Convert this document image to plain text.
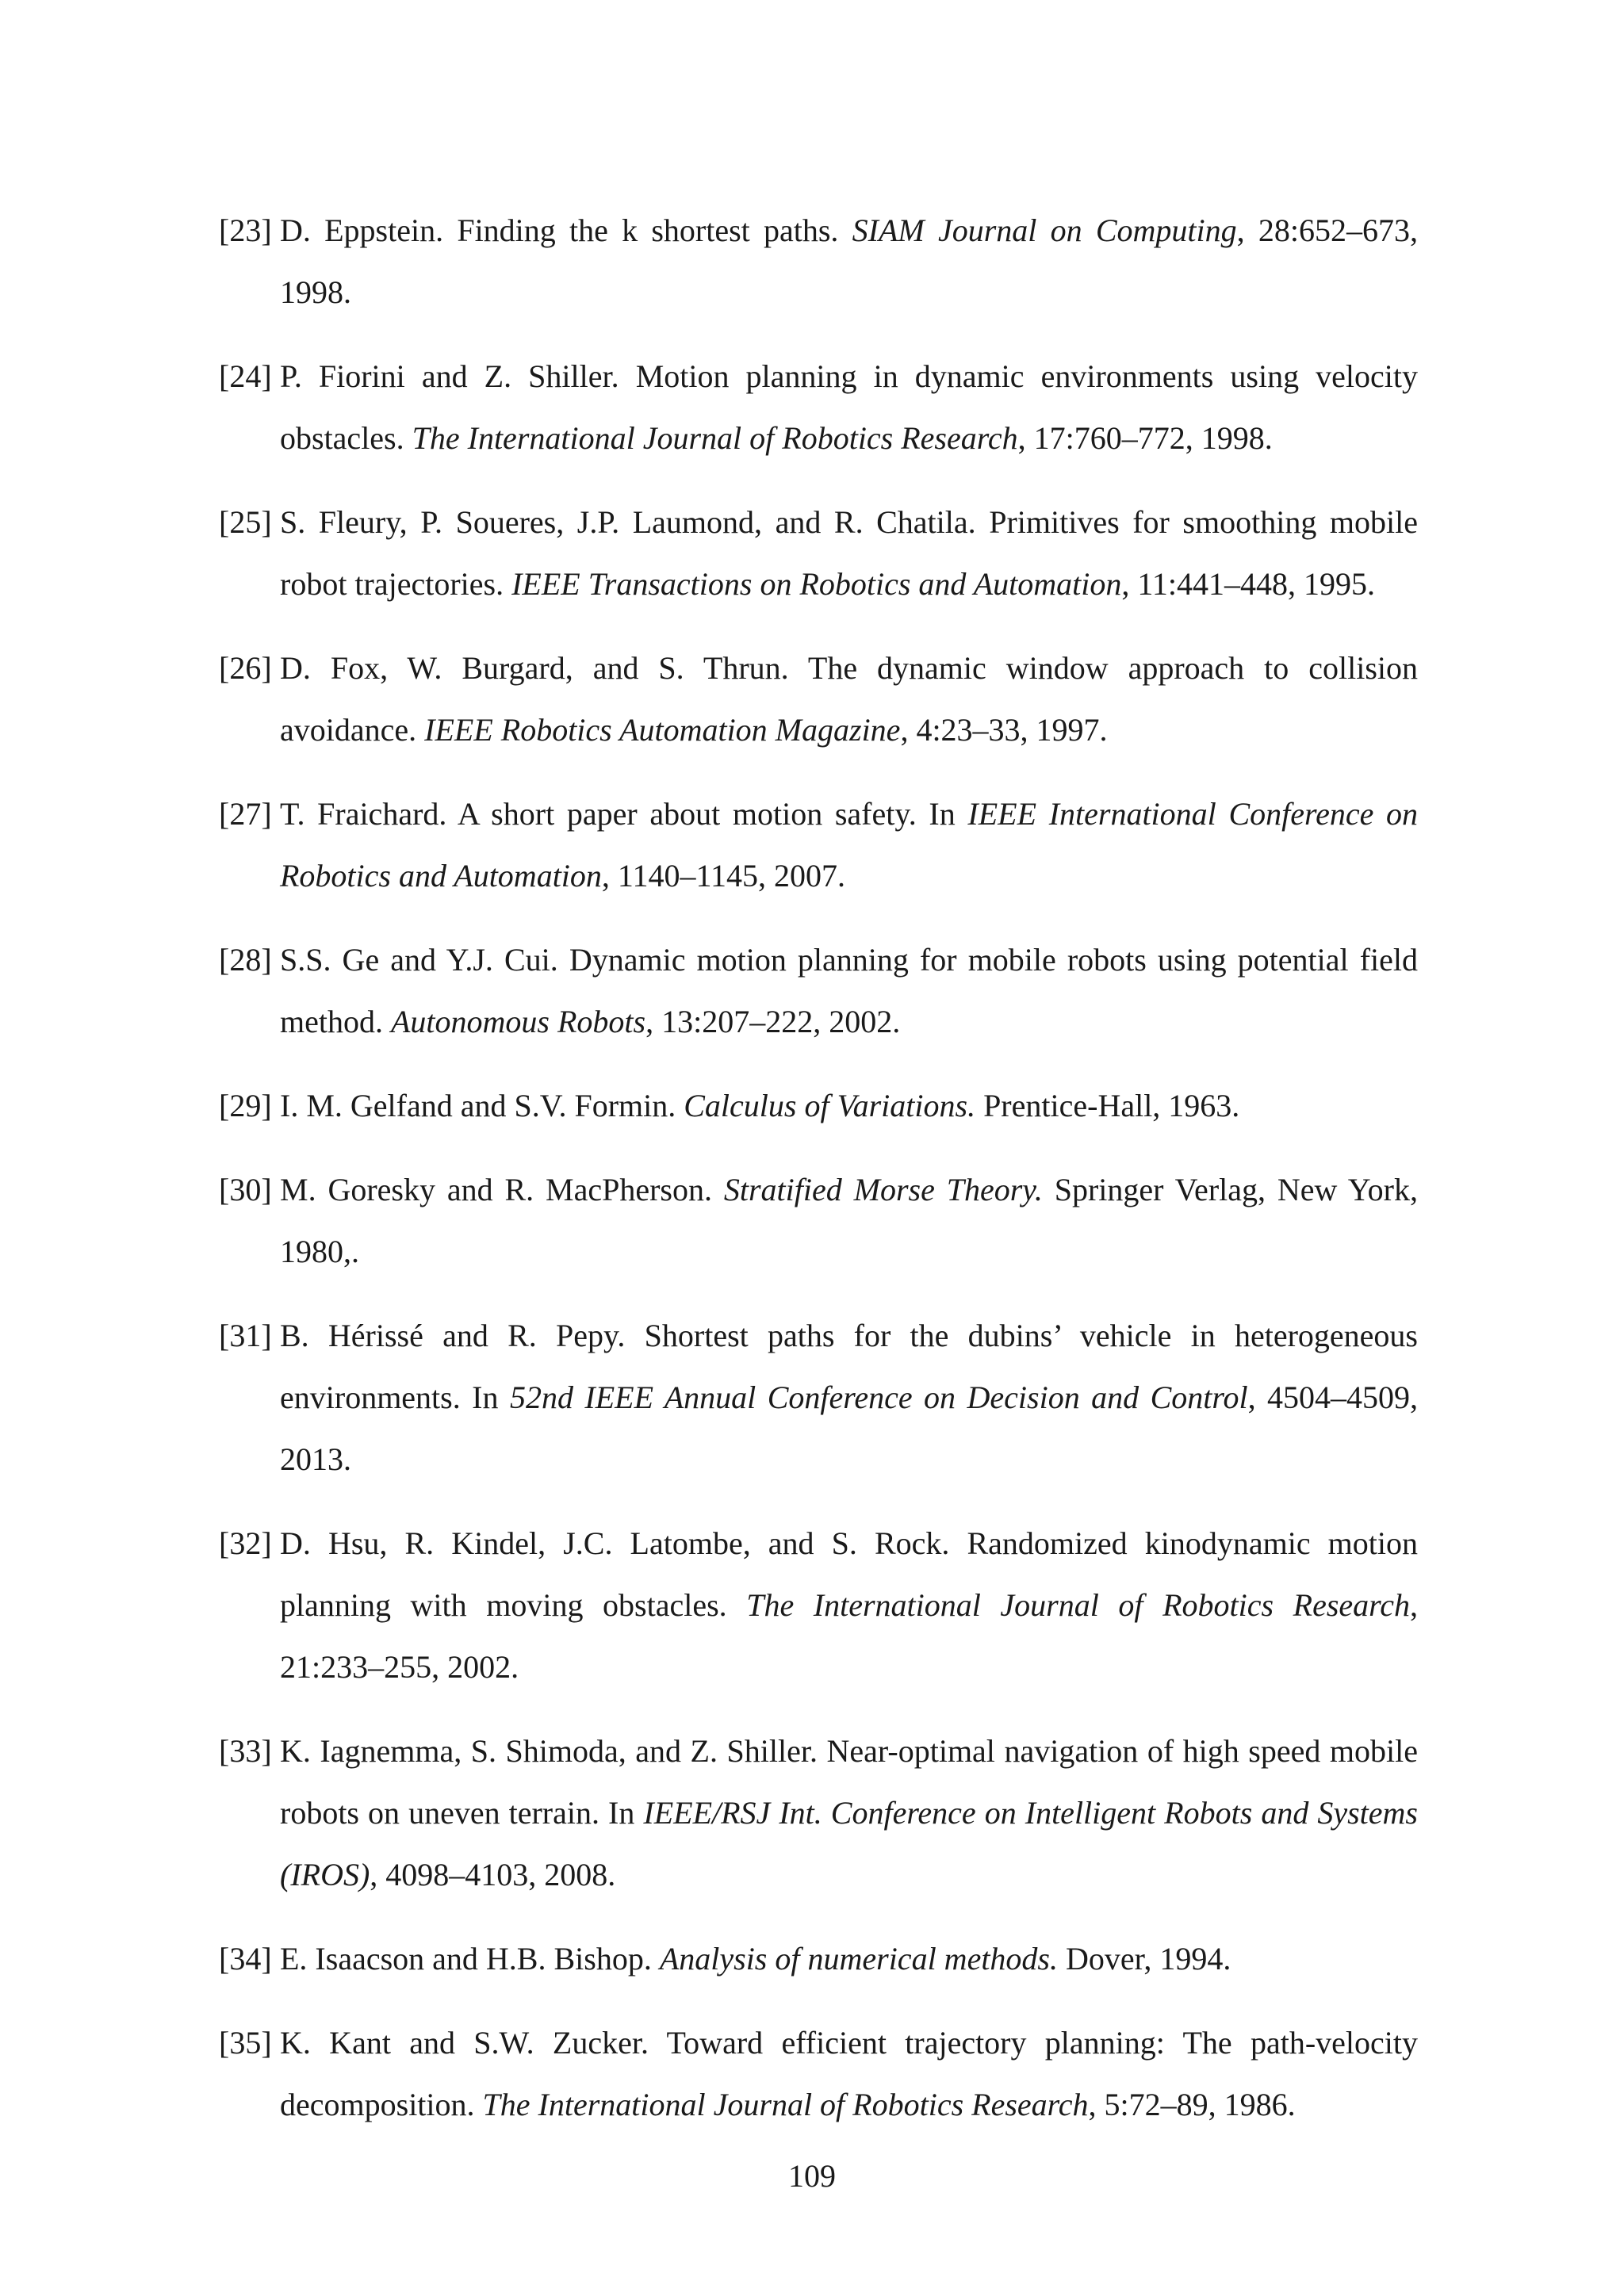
[23] D. Eppstein. Finding the k shortest paths. SIAM Journal on Computing, 28:652–673, 1998.
[24] P. Fiorini and Z. Shiller. Motion planning in dynamic environments using velocity obstacles. The International Journal of Robotics Research, 17:760–772, 1998.
[25] S. Fleury, P. Soueres, J.P. Laumond, and R. Chatila. Primitives for smoothing mobile robot trajectories. IEEE Transactions on Robotics and Automation, 11:441–448, 1995.
[26] D. Fox, W. Burgard, and S. Thrun. The dynamic window approach to collision avoidance. IEEE Robotics Automation Magazine, 4:23–33, 1997.
[27] T. Fraichard. A short paper about motion safety. In IEEE International Conference on Robotics and Automation, 1140–1145, 2007.
[28] S.S. Ge and Y.J. Cui. Dynamic motion planning for mobile robots using potential field method. Autonomous Robots, 13:207–222, 2002.
[29] I. M. Gelfand and S.V. Formin. Calculus of Variations. Prentice-Hall, 1963.
[30] M. Goresky and R. MacPherson. Stratified Morse Theory. Springer Verlag, New York, 1980,.
[31] B. Hérissé and R. Pepy. Shortest paths for the dubins’ vehicle in heterogeneous environments. In 52nd IEEE Annual Conference on Decision and Control, 4504–4509, 2013.
[32] D. Hsu, R. Kindel, J.C. Latombe, and S. Rock. Randomized kinodynamic motion planning with moving obstacles. The International Journal of Robotics Research, 21:233–255, 2002.
[33] K. Iagnemma, S. Shimoda, and Z. Shiller. Near-optimal navigation of high speed mobile robots on uneven terrain. In IEEE/RSJ Int. Conference on Intelligent Robots and Systems (IROS), 4098–4103, 2008.
[34] E. Isaacson and H.B. Bishop. Analysis of numerical methods. Dover, 1994.
[35] K. Kant and S.W. Zucker. Toward efficient trajectory planning: The path-velocity decomposition. The International Journal of Robotics Research, 5:72–89, 1986.
109
